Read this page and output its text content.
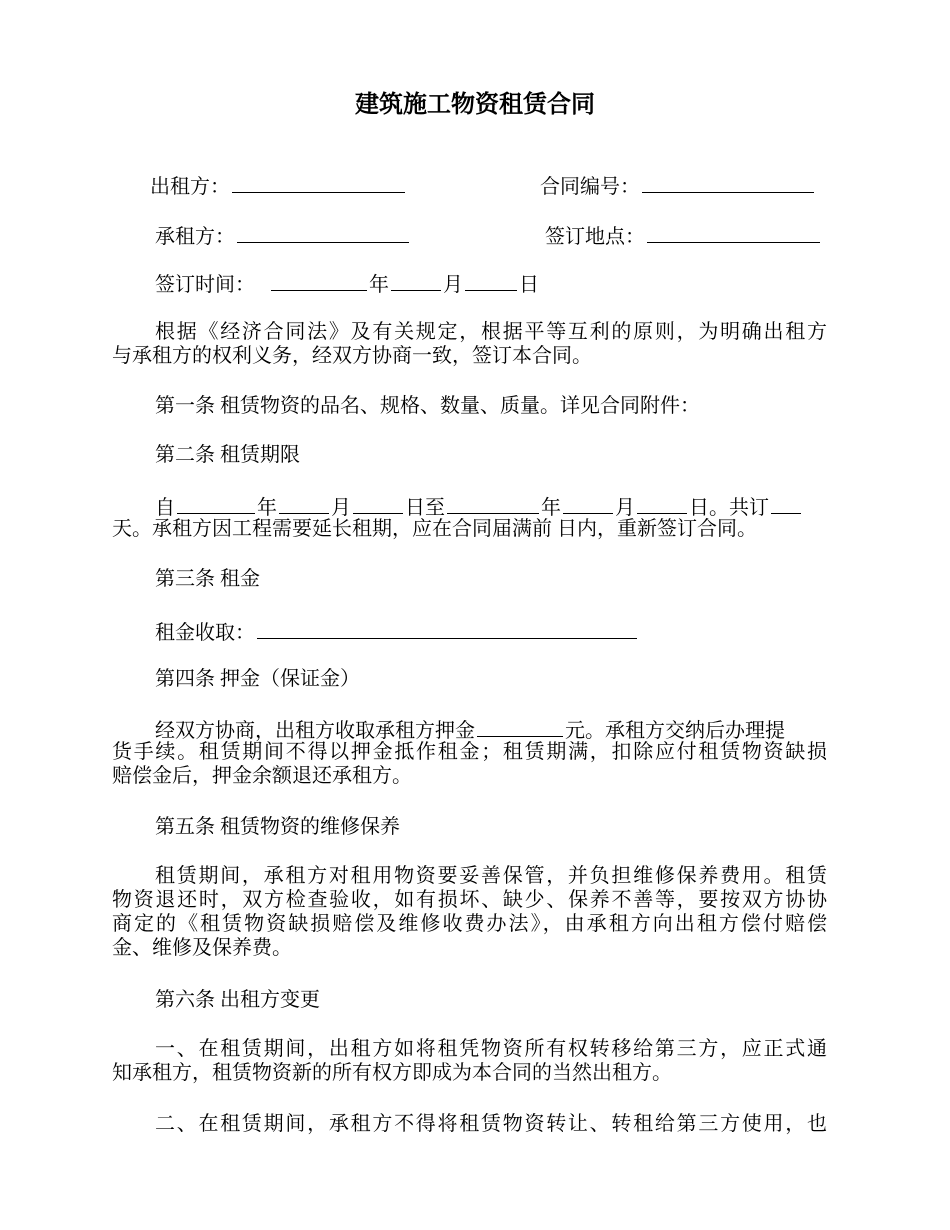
建筑施工物资租赁合同
出租方：	合同编号：
承租方：	签订地点：
签订时间：	年	月	日
根据《经济合同法》及有关规定，根据平等互利的原则，为明确出租方
与承租方的权利义务，经双方协商一致，签订本合同。
第一条 租赁物资的品名、规格、数量、质量。详见合同附件：
第二条 租赁期限
自	年	月	日至	年	月	日。共订
天。承租方因工程需要延长租期，应在合同届满前 日内，重新签订合同。
第三条 租金
租金收取：
第四条 押金（保证金）
经双方协商，出租方收取承租方押金	元。承租方交纳后办理提
货手续。租赁期间不得以押金抵作租金；租赁期满，扣除应付租赁物资缺损
赔偿金后，押金余额退还承租方。
第五条 租赁物资的维修保养
租赁期间，承租方对租用物资要妥善保管，并负担维修保养费用。租赁
物资退还时，双方检查验收，如有损坏、缺少、保养不善等，要按双方协协
商定的《租赁物资缺损赔偿及维修收费办法》，由承租方向出租方偿付赔偿
金、维修及保养费。
第六条 出租方变更
一、在租赁期间，出租方如将租凭物资所有权转移给第三方，应正式通
知承租方，租赁物资新的所有权方即成为本合同的当然出租方。
二、在租赁期间，承租方不得将租赁物资转让、转租给第三方使用，也
